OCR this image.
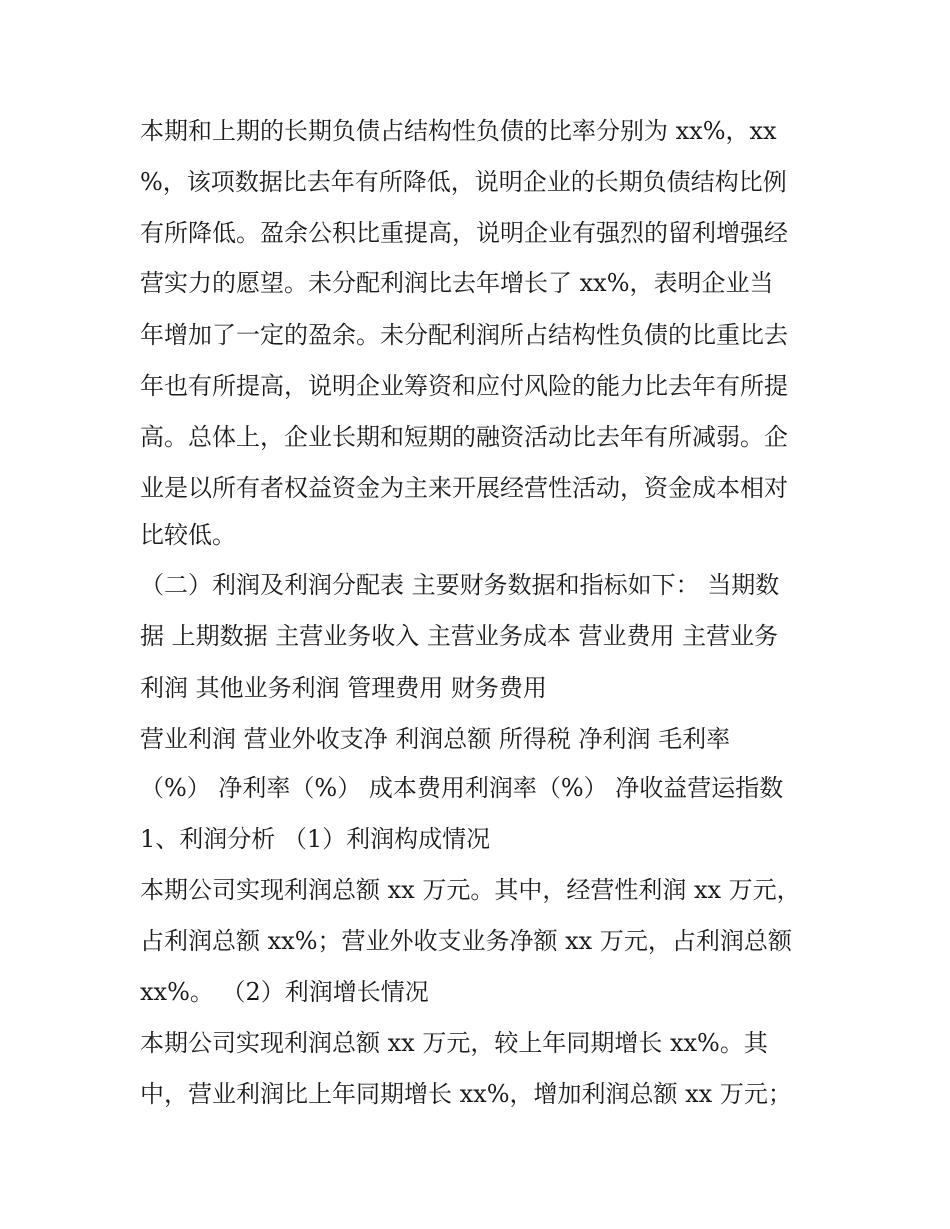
本期和上期的长期负债占结构性负债的比率分别为 xx%，xx
%，该项数据比去年有所降低，说明企业的长期负债结构比例
有所降低。盈余公积比重提高，说明企业有强烈的留利增强经
营实力的愿望。未分配利润比去年增长了 xx%，表明企业当
年增加了一定的盈余。未分配利润所占结构性负债的比重比去
年也有所提高，说明企业筹资和应付风险的能力比去年有所提
高。总体上，企业长期和短期的融资活动比去年有所减弱。企
业是以所有者权益资金为主来开展经营性活动，资金成本相对
比较低。
（二）利润及利润分配表 主要财务数据和指标如下： 当期数
据 上期数据 主营业务收入 主营业务成本 营业费用 主营业务
利润 其他业务利润 管理费用 财务费用
营业利润 营业外收支净 利润总额 所得税 净利润 毛利率
（%） 净利率（%） 成本费用利润率（%） 净收益营运指数
1、利润分析 （1）利润构成情况
本期公司实现利润总额 xx 万元。其中，经营性利润 xx 万元，
占利润总额 xx%；营业外收支业务净额 xx 万元，占利润总额
xx%。 （2）利润增长情况
本期公司实现利润总额 xx 万元，较上年同期增长 xx%。其
中，营业利润比上年同期增长 xx%，增加利润总额 xx 万元；
